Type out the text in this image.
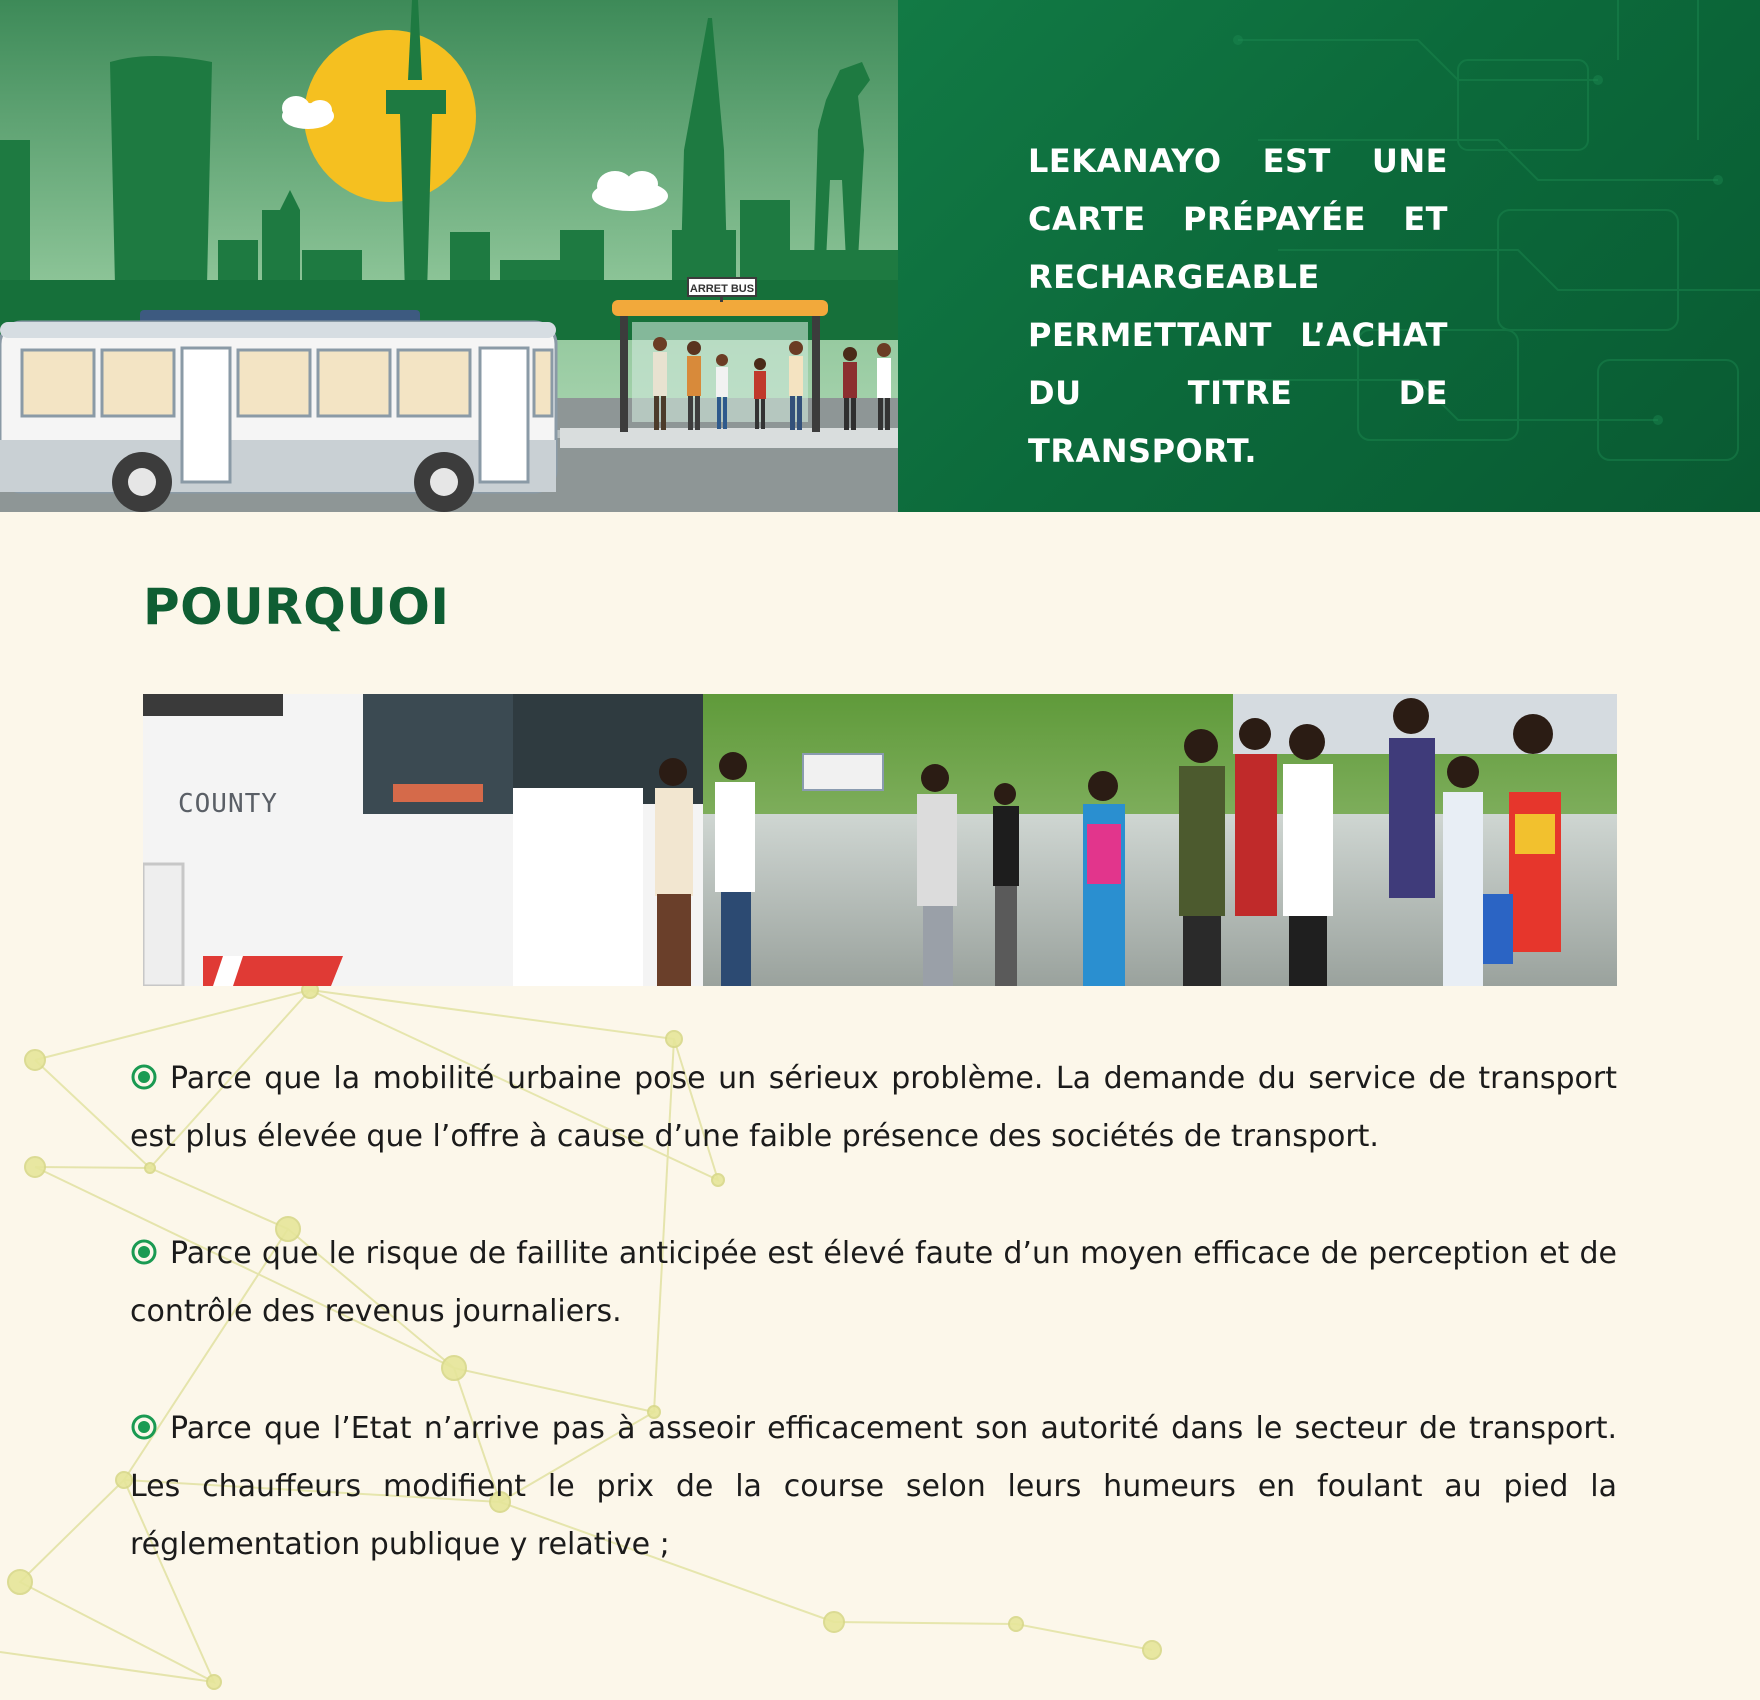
ARRET BUS
LEKANAYO EST UNE CARTE PRÉPAYÉE ET RECHARGEABLE PERMETTANT L’ACHAT DU TITRE DE TRANSPORT.
POURQUOI
COUNTY
Parce que la mobilité urbaine pose un sérieux problème. La demande du service de transport est plus élevée que l’offre à cause d’une faible présence des sociétés de transport.
Parce que le risque de faillite anticipée est élevé faute d’un moyen efficace de perception et de contrôle des revenus journaliers.
Parce que l’Etat n’arrive pas à asseoir efficacement son autorité dans le secteur de transport. Les chauffeurs modifient le prix de la course selon leurs humeurs en foulant au pied la réglementation publique y relative ;
